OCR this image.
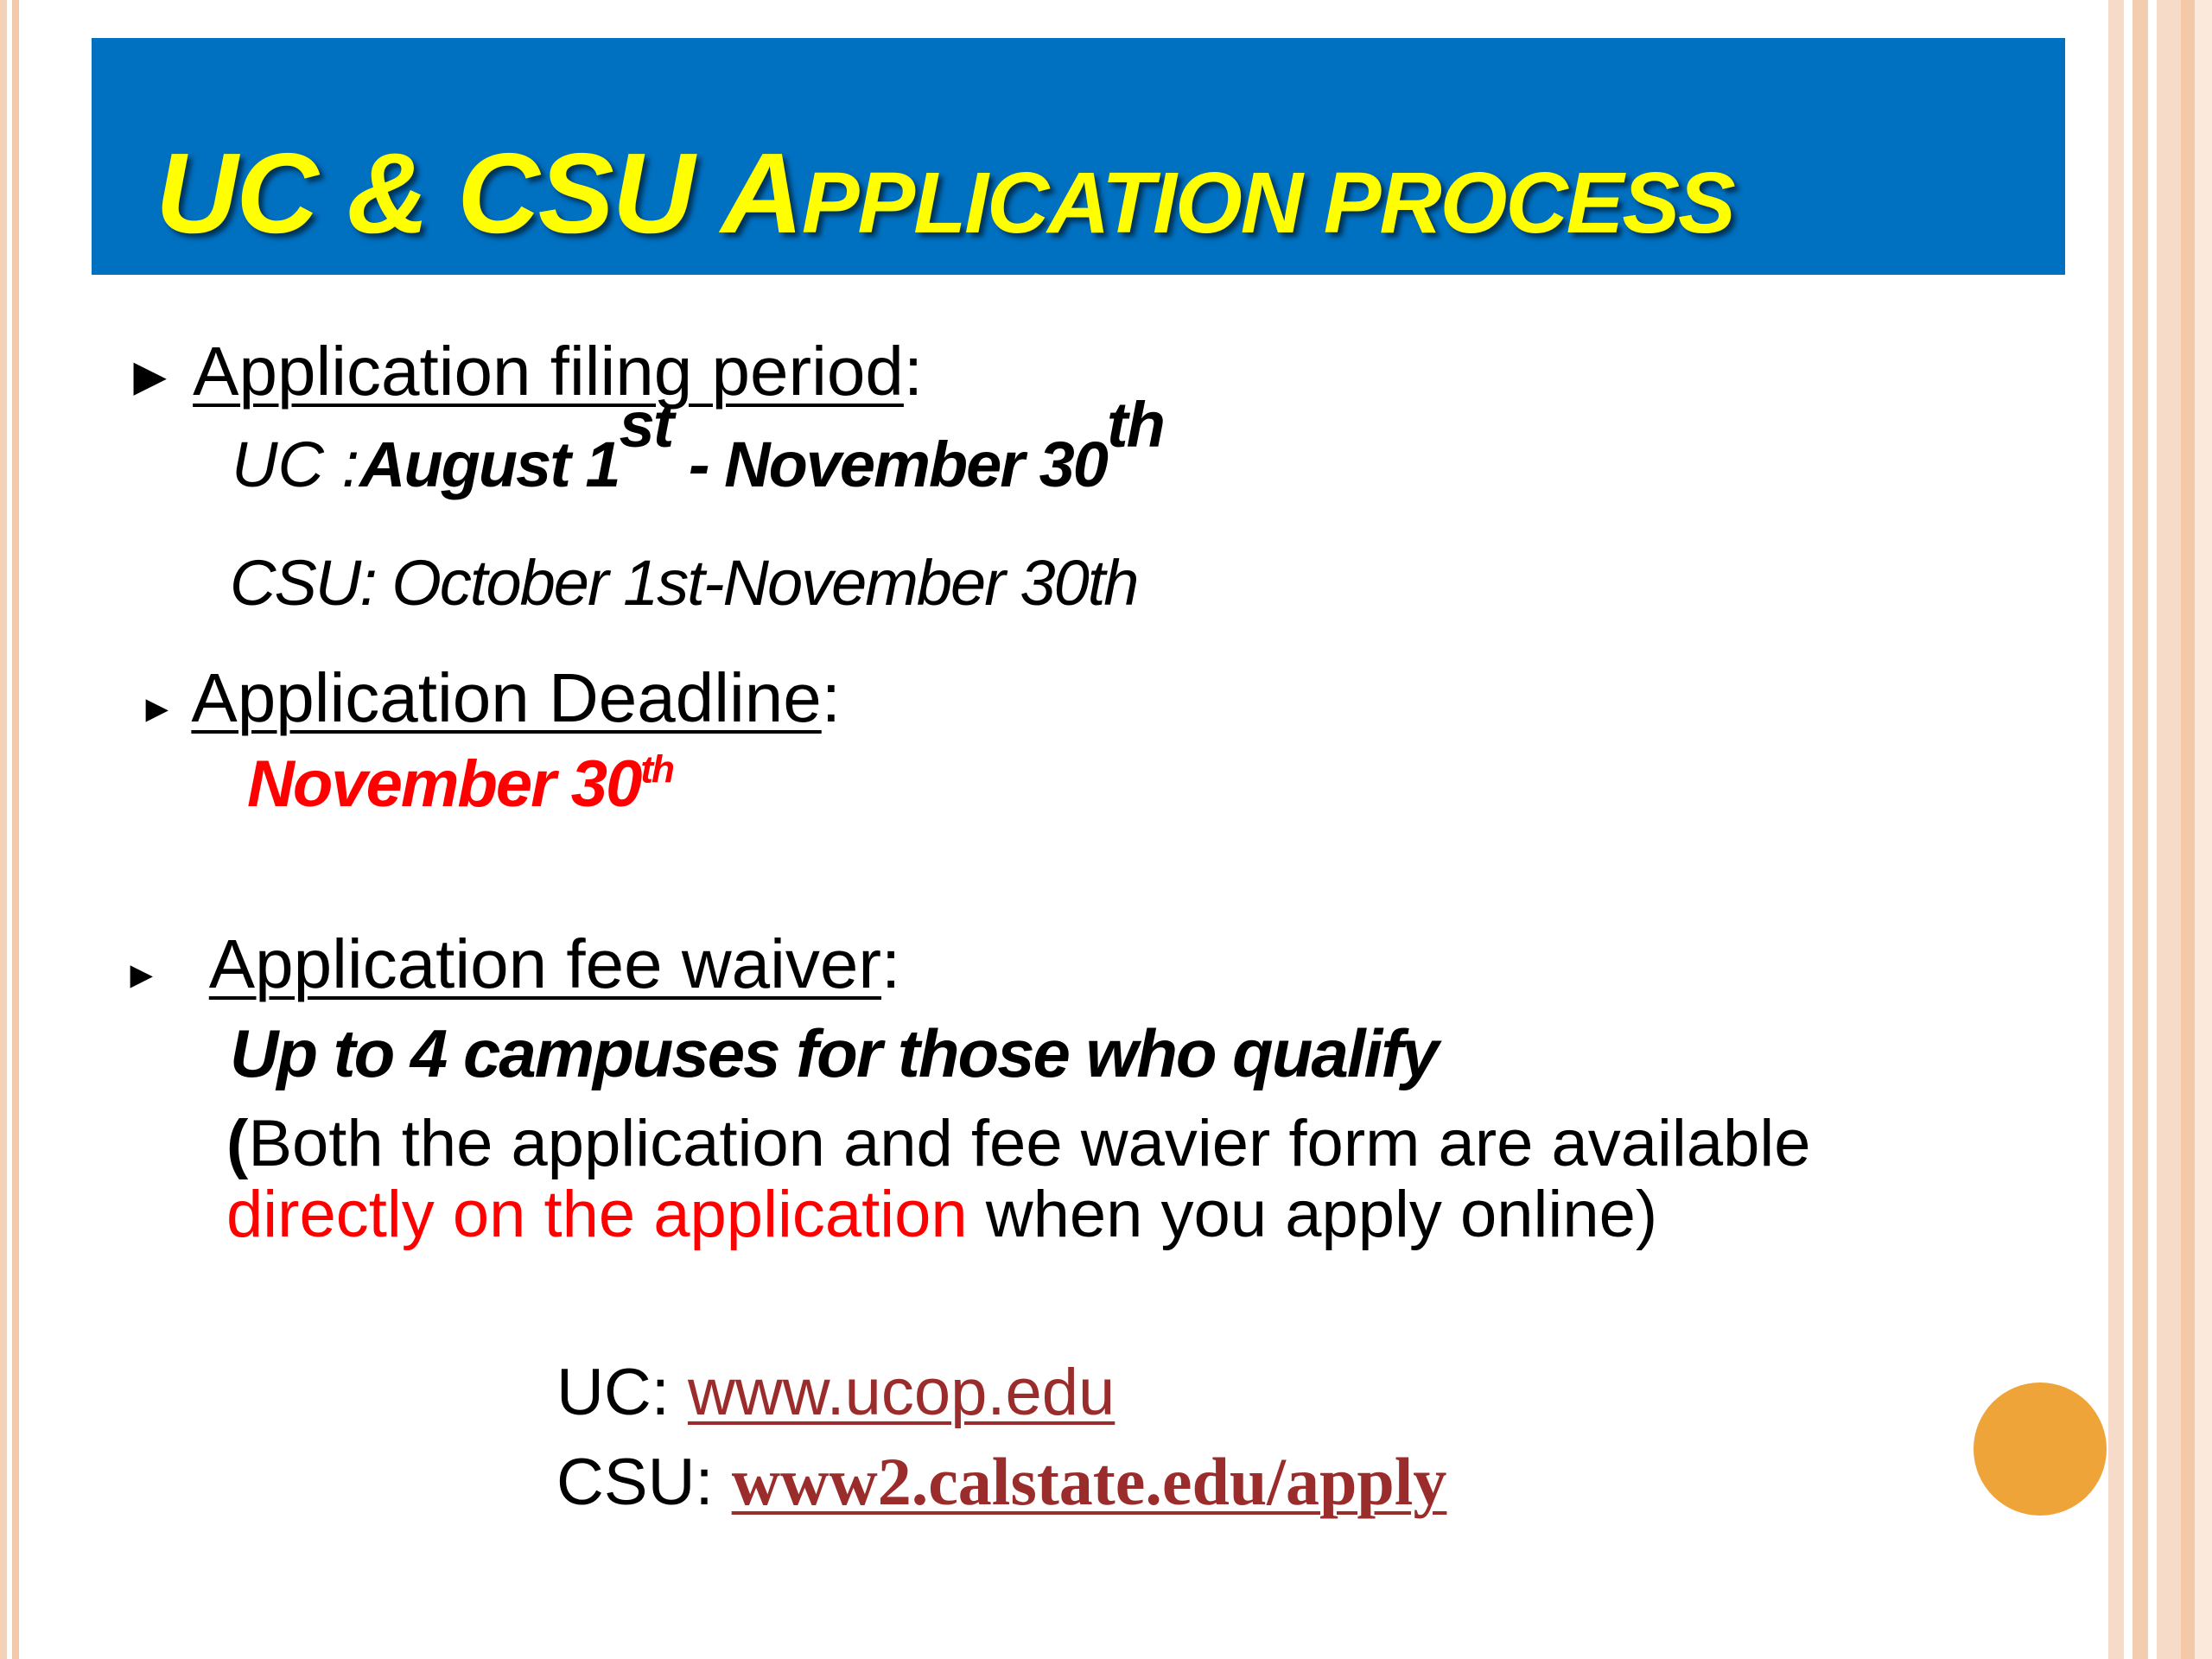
UC & CSU APPLICATION PROCESS
► Application filing period:
UC :August 1st - November 30th
CSU: October 1st-November 30th
► Application Deadline:
November 30th
► Application fee waiver:
Up to 4 campuses for those who qualify
(Both the application and fee wavier form are available
directly on the application when you apply online)
UC: www.ucop.edu
CSU: www2.calstate.edu/apply
